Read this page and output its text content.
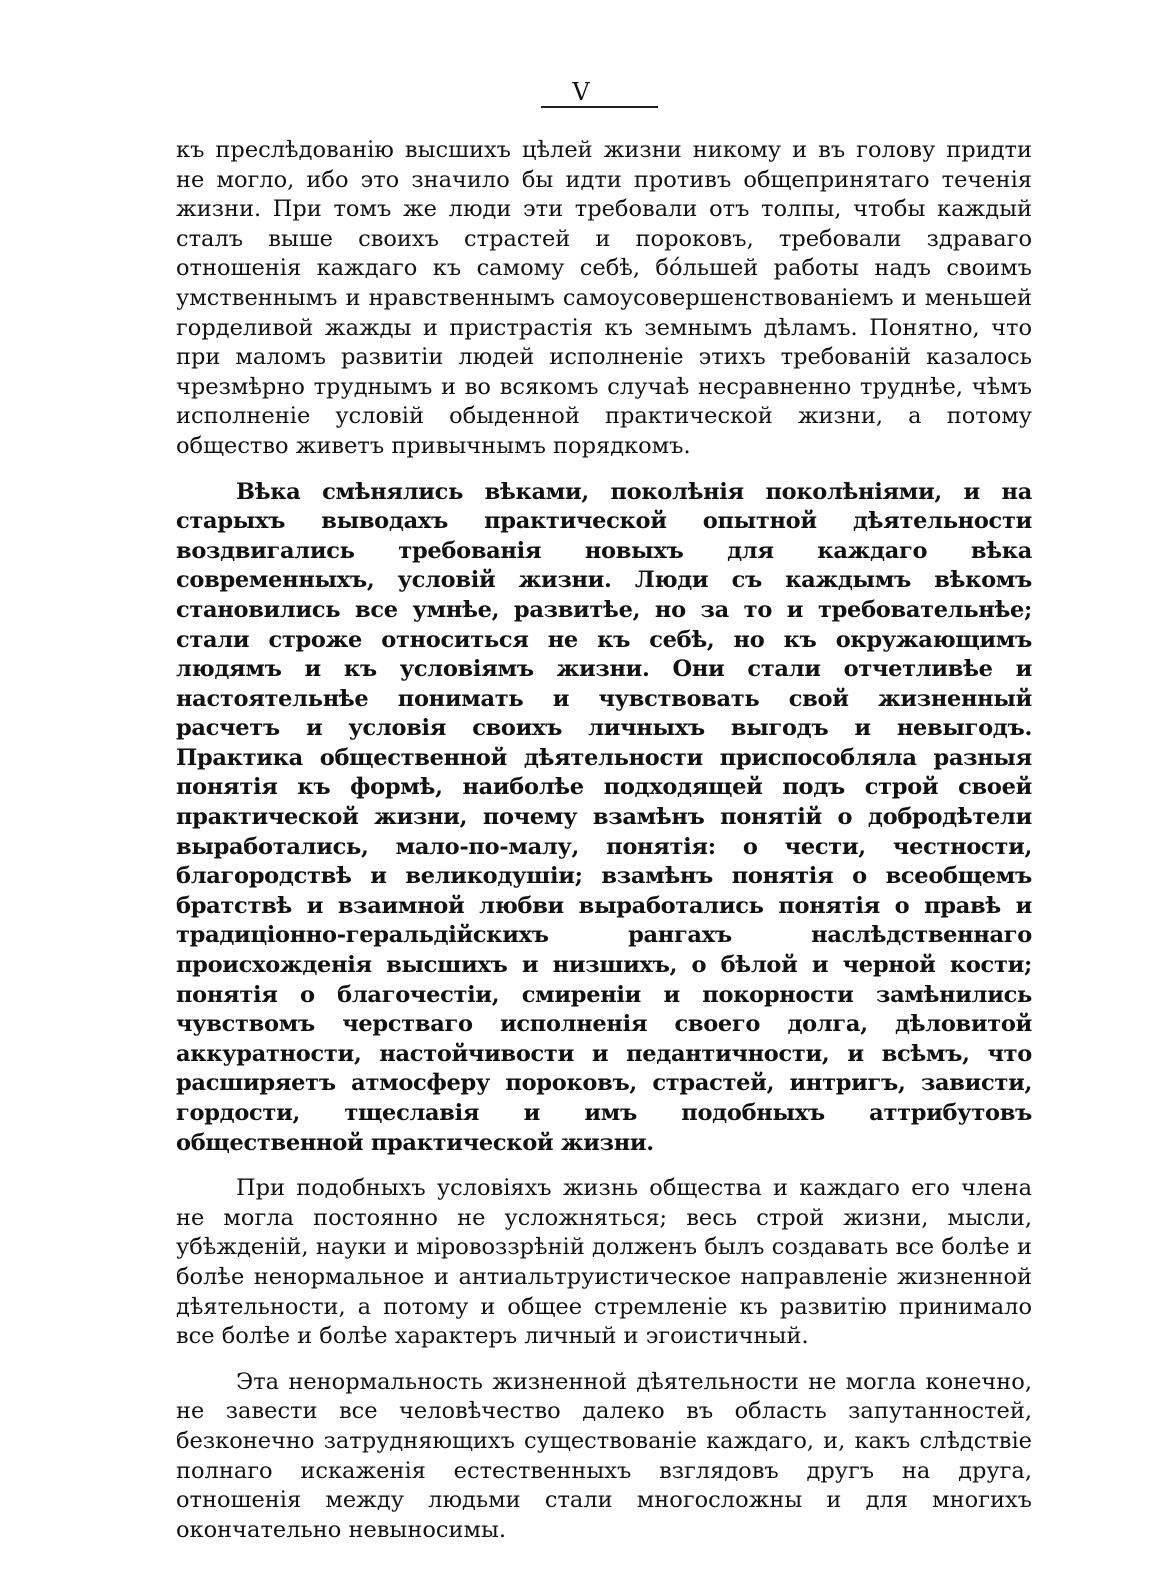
V

къ преслѣдованію высшихъ цѣлей жизни никому и въ голову придти не могло, ибо это значило бы идти противъ общепринятаго теченія жизни. При томъ же люди эти требовали отъ толпы, чтобы каждый сталъ выше своихъ страстей и пороковъ, требовали здраваго отношенія каждаго къ самому себѣ, бо́льшей работы надъ своимъ умственнымъ и нравственнымъ самоусовершенствованіемъ и меньшей горделивой жажды и пристрастія къ земнымъ дѣламъ. Понятно, что при маломъ развитіи людей исполненіе этихъ требованій казалось чрезмѣрно труднымъ и во всякомъ случаѣ несравненно труднѣе, чѣмъ исполненіе условій обыденной практической жизни, а потому общество живетъ привычнымъ порядкомъ.

Вѣка смѣнялись вѣками, поколѣнія поколѣніями, и на старыхъ выводахъ практической опытной дѣятельности воздвигались требованія новыхъ для каждаго вѣка современныхъ, условій жизни. Люди съ каждымъ вѣкомъ становились все умнѣе, развитѣе, но за то и требовательнѣе; стали строже относиться не къ себѣ, но къ окружающимъ людямъ и къ условіямъ жизни. Они стали отчетливѣе и настоятельнѣе понимать и чувствовать свой жизненный расчетъ и условія своихъ личныхъ выгодъ и невыгодъ. Практика общественной дѣятельности приспособляла разныя понятія къ формѣ, наиболѣе подходящей подъ строй своей практической жизни, почему взамѣнъ понятій о добродѣтели выработались, мало-по-малу, понятія: о чести, честности, благородствѣ и великодушіи; взамѣнъ понятія о всеобщемъ братствѣ и взаимной любви выработались понятія о правѣ и традиціонно-геральдійскихъ рангахъ наслѣдственнаго происхожденія высшихъ и низшихъ, о бѣлой и черной кости; понятія о благочестіи, смиреніи и покорности замѣнились чувствомъ черстваго исполненія своего долга, дѣловитой аккуратности, настойчивости и педантичности, и всѣмъ, что расширяетъ атмосферу пороковъ, страстей, интригъ, зависти, гордости, тщеславія и имъ подобныхъ аттрибутовъ общественной практической жизни.

При подобныхъ условіяхъ жизнь общества и каждаго его члена не могла постоянно не усложняться; весь строй жизни, мысли, убѣжденій, науки и міровоззрѣній долженъ былъ создавать все болѣе и болѣе ненормальное и антиальтруистическое направленіе жизненной дѣятельности, а потому и общее стремленіе къ развитію принимало все болѣе и болѣе характеръ личный и эгоистичный.

Эта ненормальность жизненной дѣятельности не могла конечно, не завести все человѣчество далеко въ область запутанностей, безконечно затрудняющихъ существованіе каждаго, и, какъ слѣдствіе полнаго искаженія естественныхъ взглядовъ другъ на друга, отношенія между людьми стали многосложны и для многихъ окончательно невыносимы.
